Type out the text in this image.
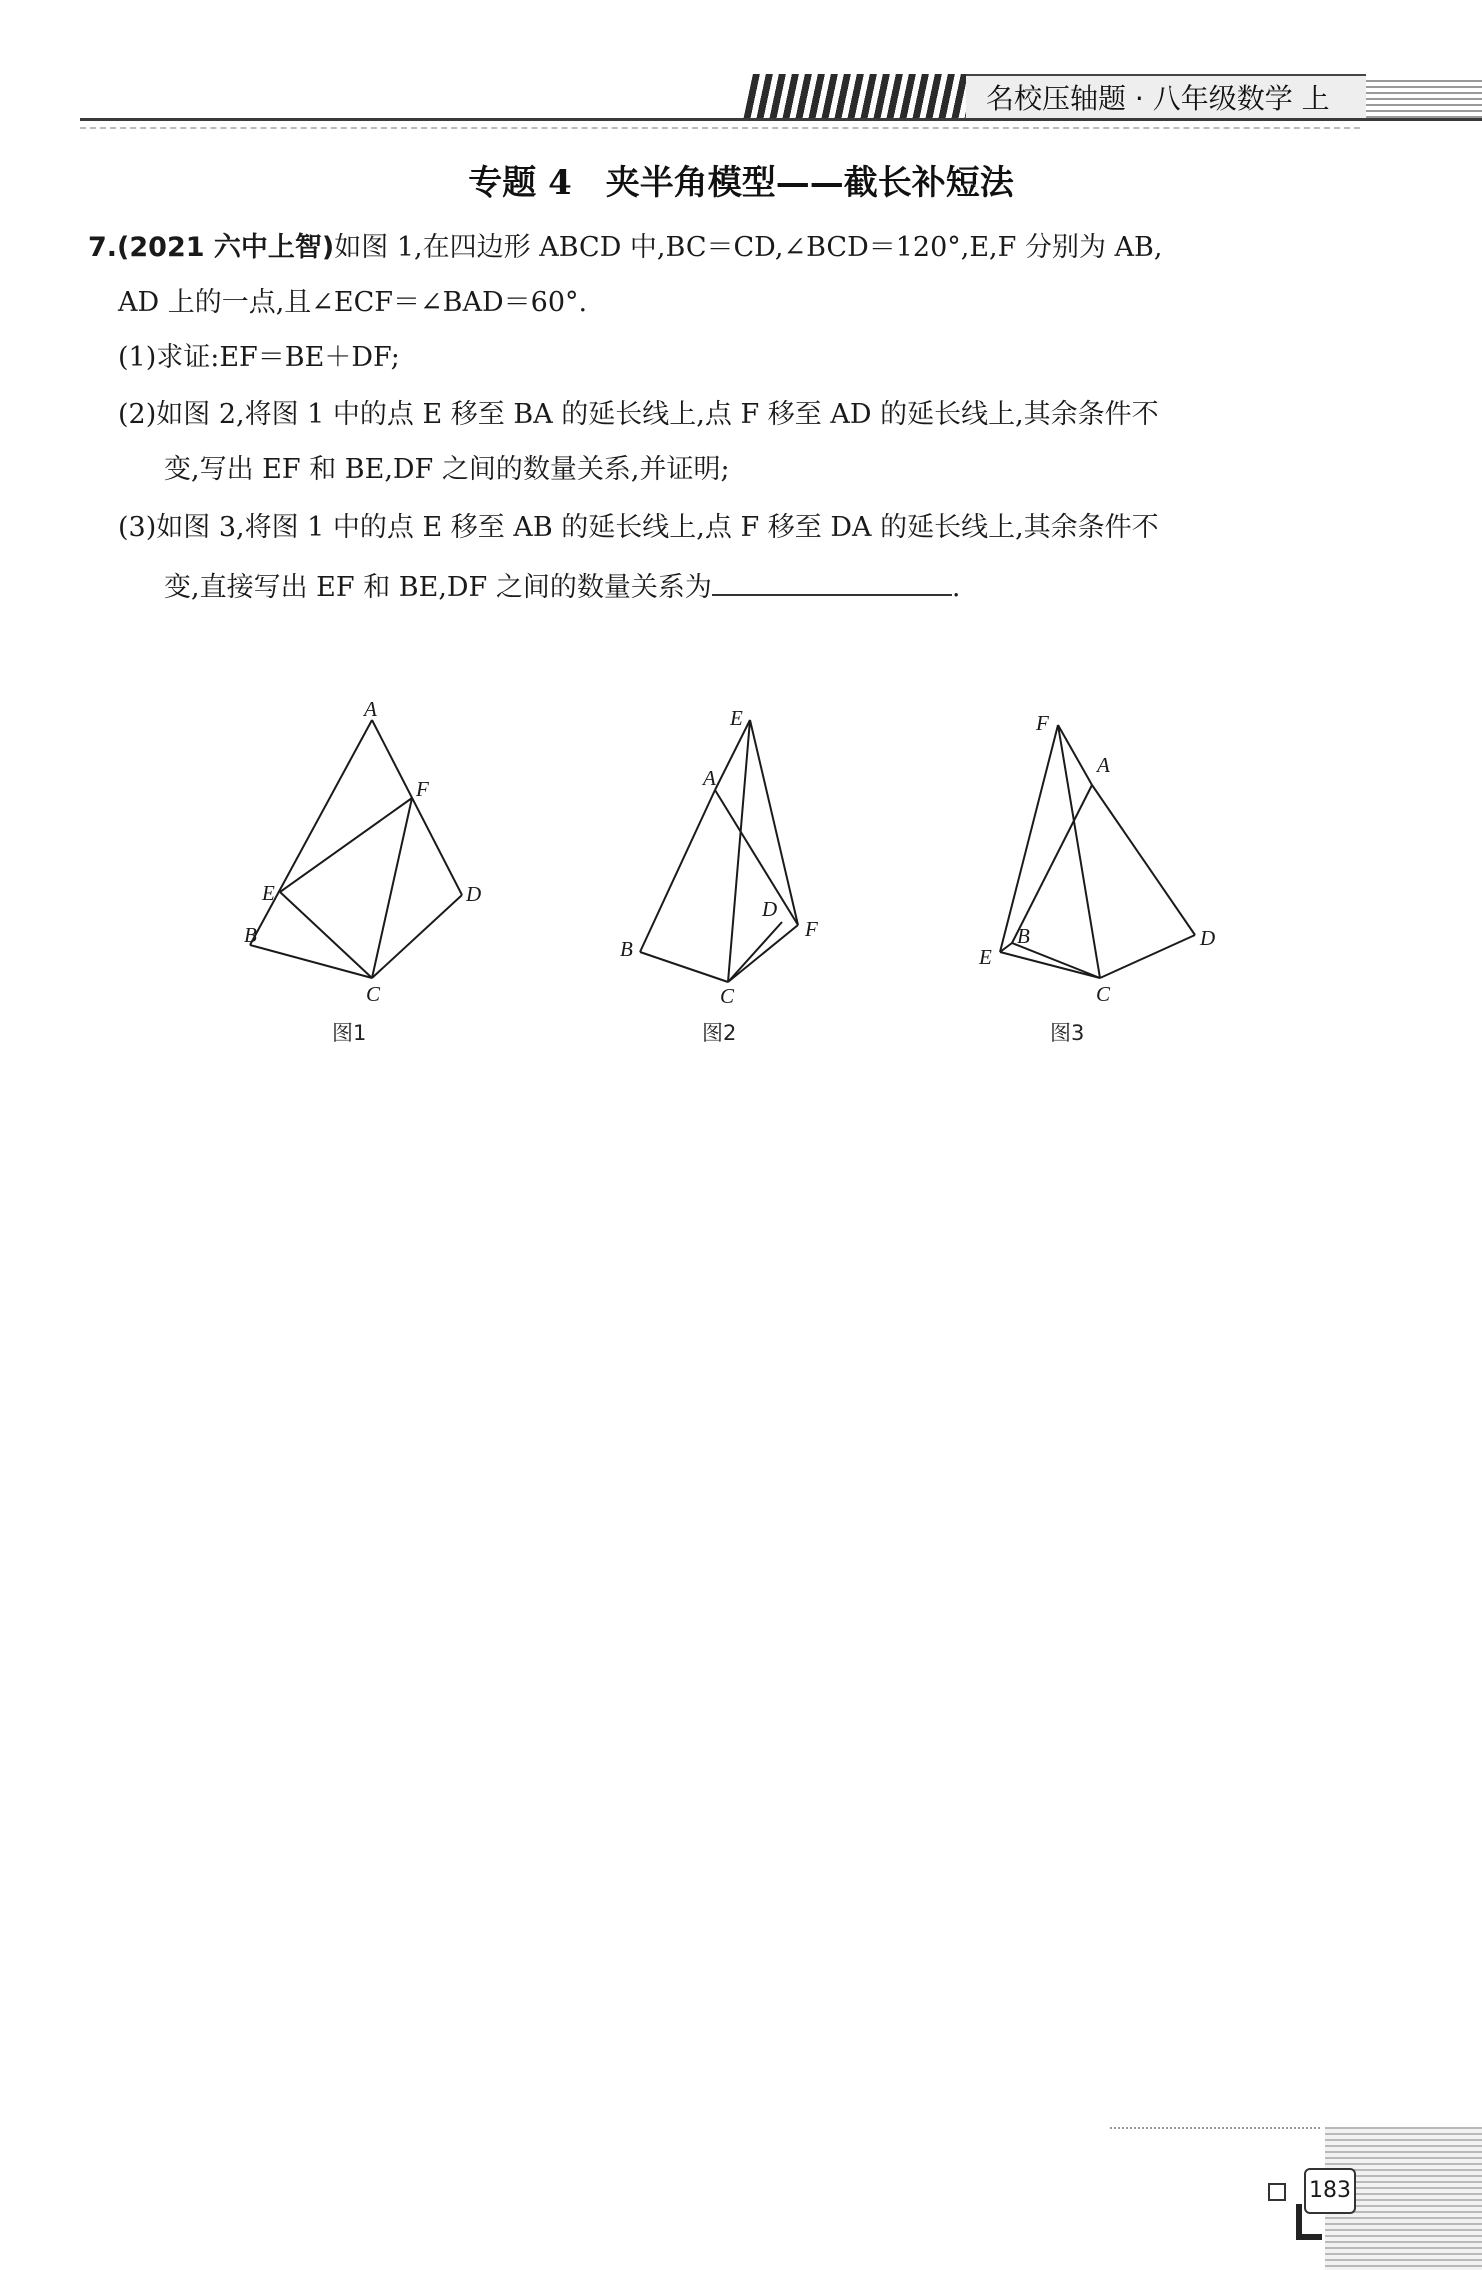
名校压轴题 · 八年级数学 上
专题 4　夹半角模型——截长补短法
7.(2021 六中上智)如图 1,在四边形 ABCD 中,BC＝CD,∠BCD＝120°,E,F 分别为 AB,
AD 上的一点,且∠ECF＝∠BAD＝60°.
(1)求证:EF＝BE＋DF;
(2)如图 2,将图 1 中的点 E 移至 BA 的延长线上,点 F 移至 AD 的延长线上,其余条件不
变,写出 EF 和 BE,DF 之间的数量关系,并证明;
(3)如图 3,将图 1 中的点 E 移至 AB 的延长线上,点 F 移至 DA 的延长线上,其余条件不
变,直接写出 EF 和 BE,DF 之间的数量关系为	.
A
B
C
D
E
F	A
B
C
D
E
F
A
B
C
D
E
F
图1	图2	图3
183
